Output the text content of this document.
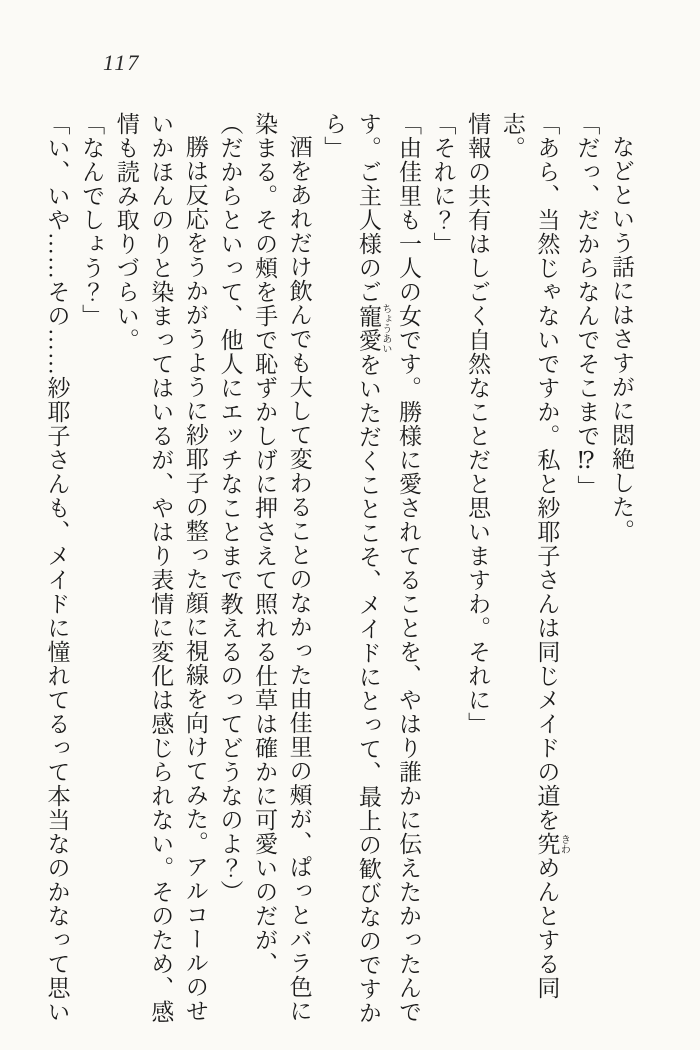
117

などという話にはさすがに悶絶した。

「だっ、だからなんでそこまで⁉」

「あら、当然じゃないですか。私と紗耶子さんは同じメイドの道を究 きわめんとする同志。

情報の共有はしごく自然なことだと思いますわ。それに」

「それに？」

「由佳里も一人の女です。勝様に愛されてることを、やはり誰かに伝えたかったんで

す。ご主人様のご寵愛 ちょうあいをいただくことこそ、メイドにとって、最上の歓びなのですか

ら」

酒をあれだけ飲んでも大して変わることのなかった由佳里の頰が、ぱっとバラ色に

染まる。その頰を手で恥ずかしげに押さえて照れる仕草は確かに可愛いのだが、

（だからといって、他人にエッチなことまで教えるのってどうなのよ？）

勝は反応をうかがうように紗耶子の整った顔に視線を向けてみた。アルコールのせ

いかほんのりと染まってはいるが、やはり表情に変化は感じられない。そのため、感

情も読み取りづらい。

「なんでしょう？」

「い、いや……その……紗耶子さんも、メイドに憧れてるって本当なのかなって思い
